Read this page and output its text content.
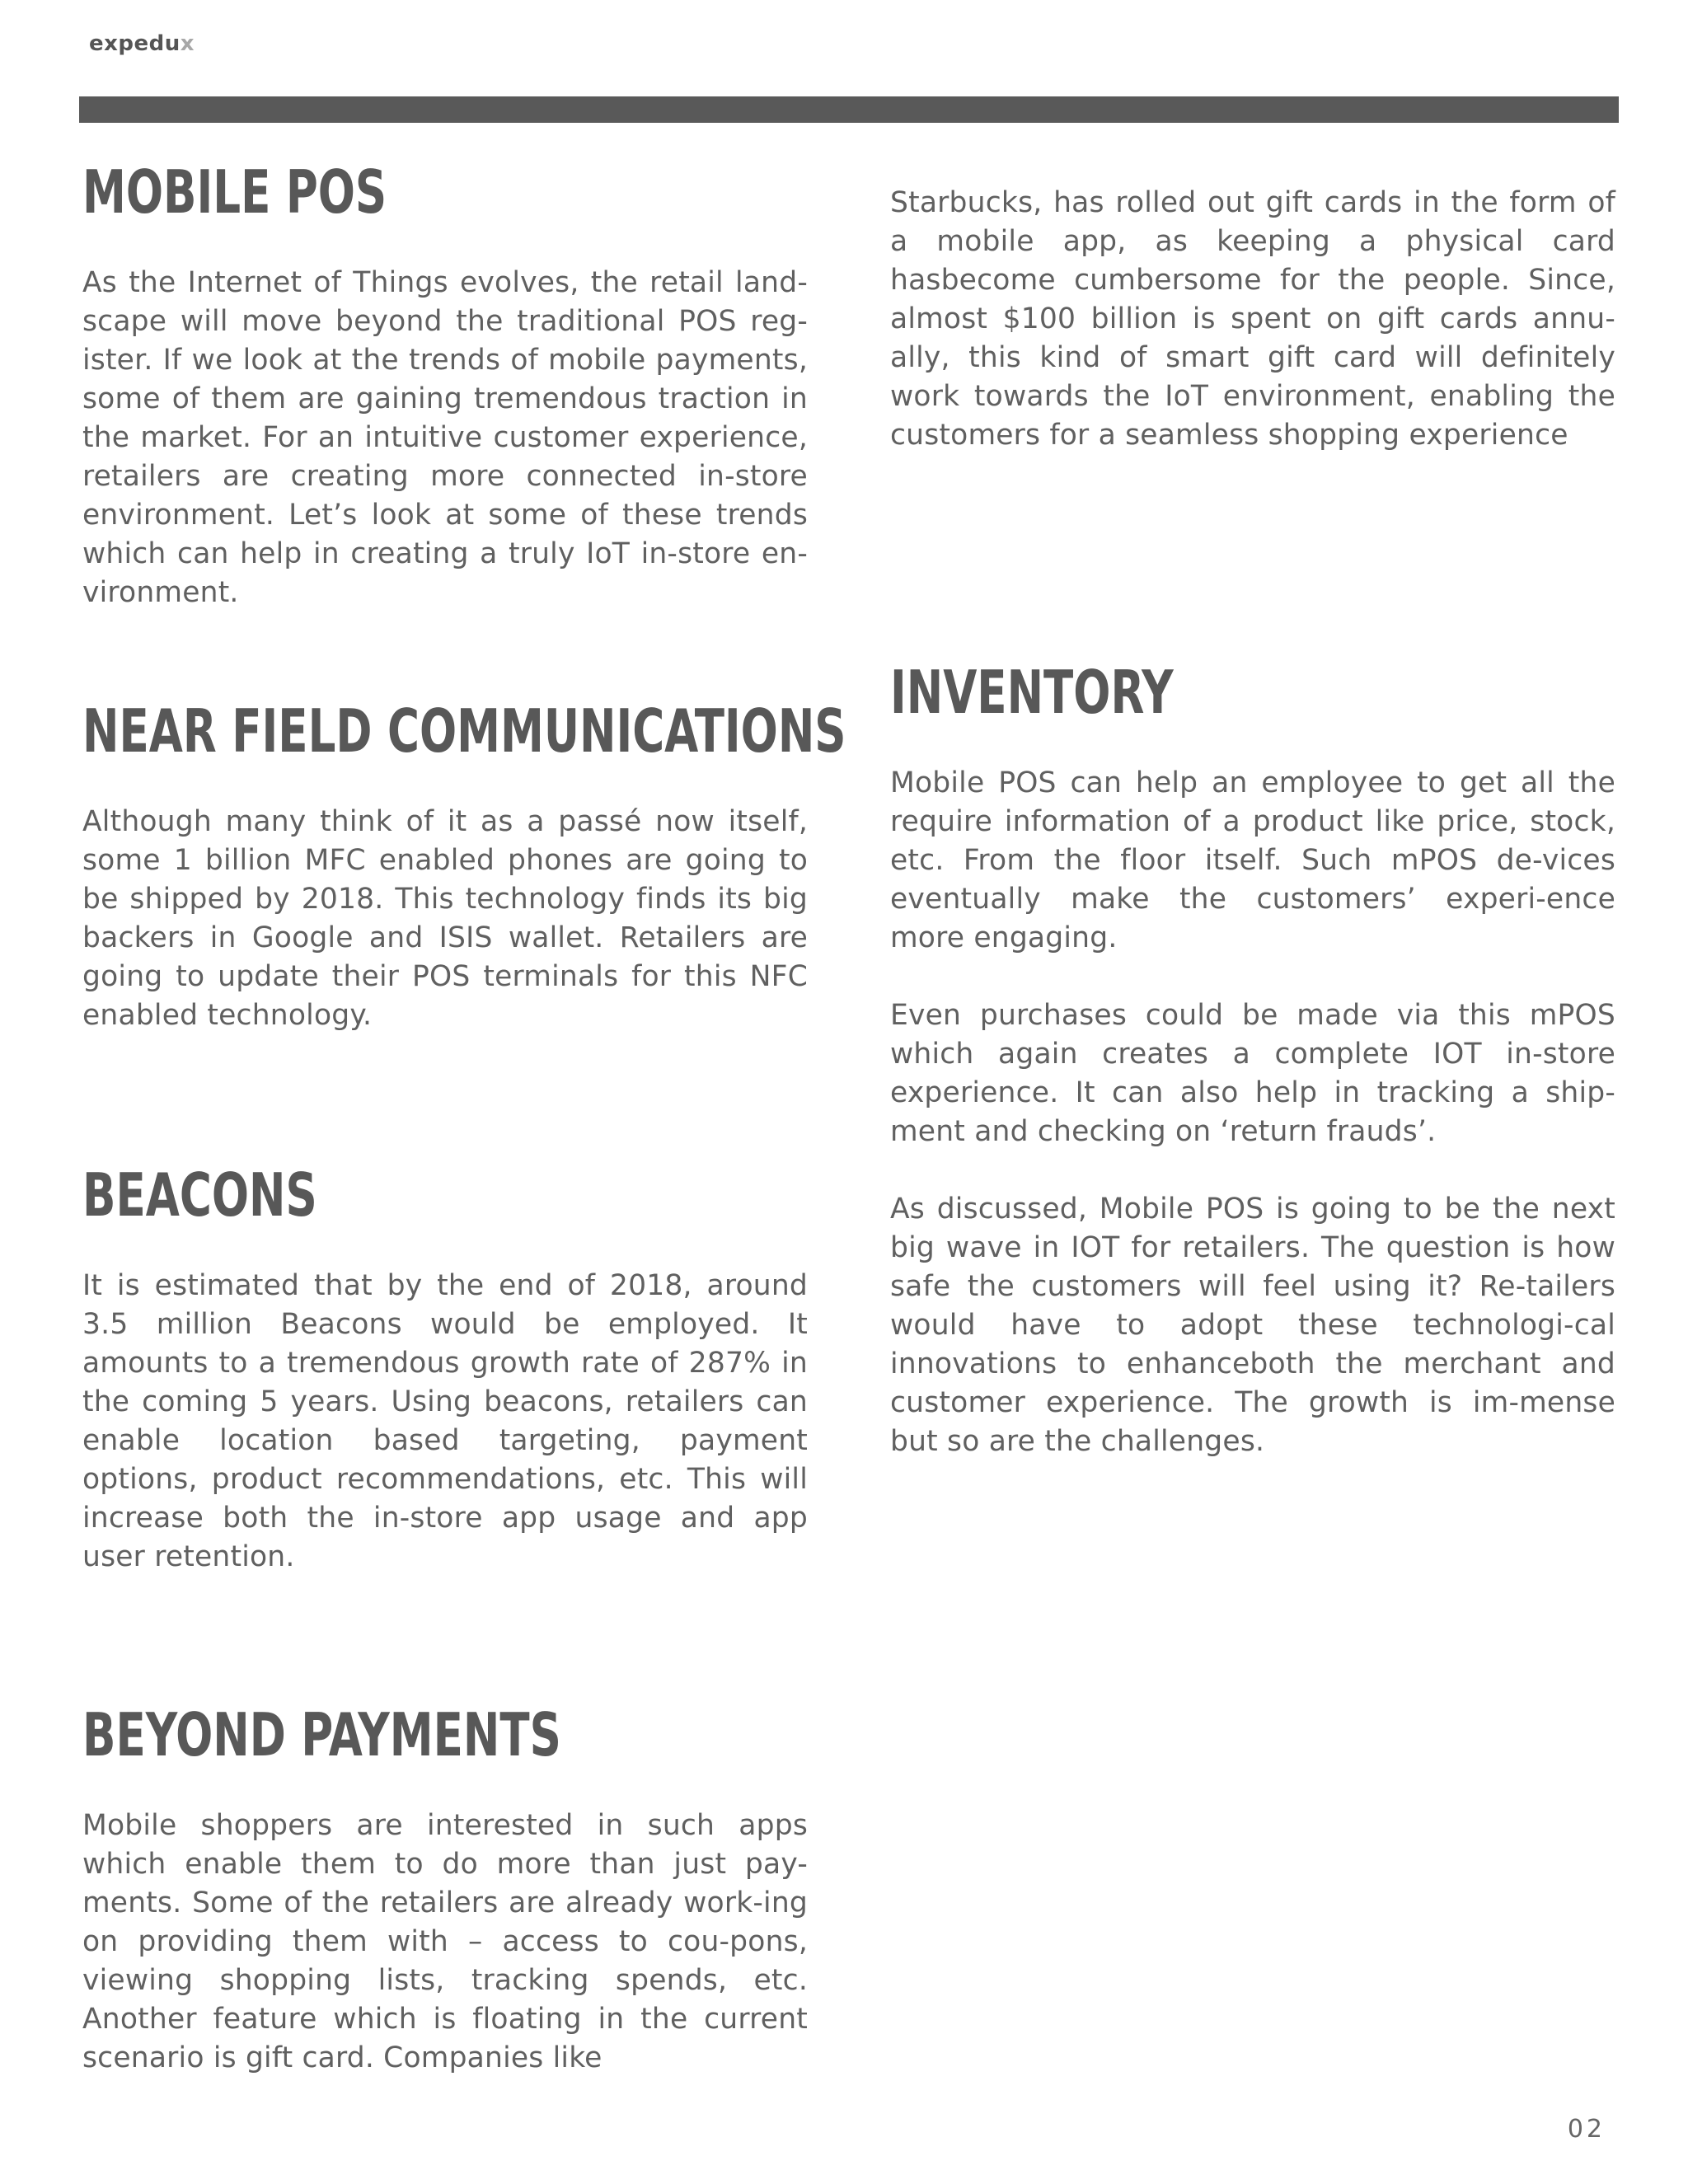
expedux
MOBILE POS

As the Internet of Things evolves, the retail land-scape will move beyond the traditional POS reg-ister. If we look at the trends of mobile payments, some of them are gaining tremendous traction in the market. For an intuitive customer experience, retailers are creating more connected in-store environment. Let’s look at some of these trends which can help in creating a truly IoT in-store en-vironment.

NEAR FIELD COMMUNICATIONS

Although many think of it as a passé now itself, some 1 billion MFC enabled phones are going to be shipped by 2018. This technology finds its big backers in Google and ISIS wallet. Retailers are going to update their POS terminals for this NFC enabled technology.

BEACONS

It is estimated that by the end of 2018, around 3.5 million Beacons would be employed. It amounts to a tremendous growth rate of 287% in the coming 5 years. Using beacons, retailers can enable location based targeting, payment options, product recommendations, etc. This will increase both the in-store app usage and app user retention.

BEYOND PAYMENTS

Mobile shoppers are interested in such apps which enable them to do more than just pay-ments. Some of the retailers are already work-ing on providing them with – access to cou-pons, viewing shopping lists, tracking spends, etc. Another feature which is floating in the current scenario is gift card. Companies like

Starbucks, has rolled out gift cards in the form of a mobile app, as keeping a physical card hasbecome cumbersome for the people. Since, almost $100 billion is spent on gift cards annu-ally, this kind of smart gift card will definitely work towards the IoT environment, enabling the customers for a seamless shopping experience

INVENTORY

Mobile POS can help an employee to get all the require information of a product like price, stock, etc. From the floor itself. Such mPOS de-vices eventually make the customers’ experi-ence more engaging.

Even purchases could be made via this mPOS which again creates a complete IOT in-store experience. It can also help in tracking a ship-ment and checking on ‘return frauds’.

As discussed, Mobile POS is going to be the next big wave in IOT for retailers. The question is how safe the customers will feel using it? Re-tailers would have to adopt these technologi-cal innovations to enhanceboth the merchant and customer experience. The growth is im-mense but so are the challenges.

02
